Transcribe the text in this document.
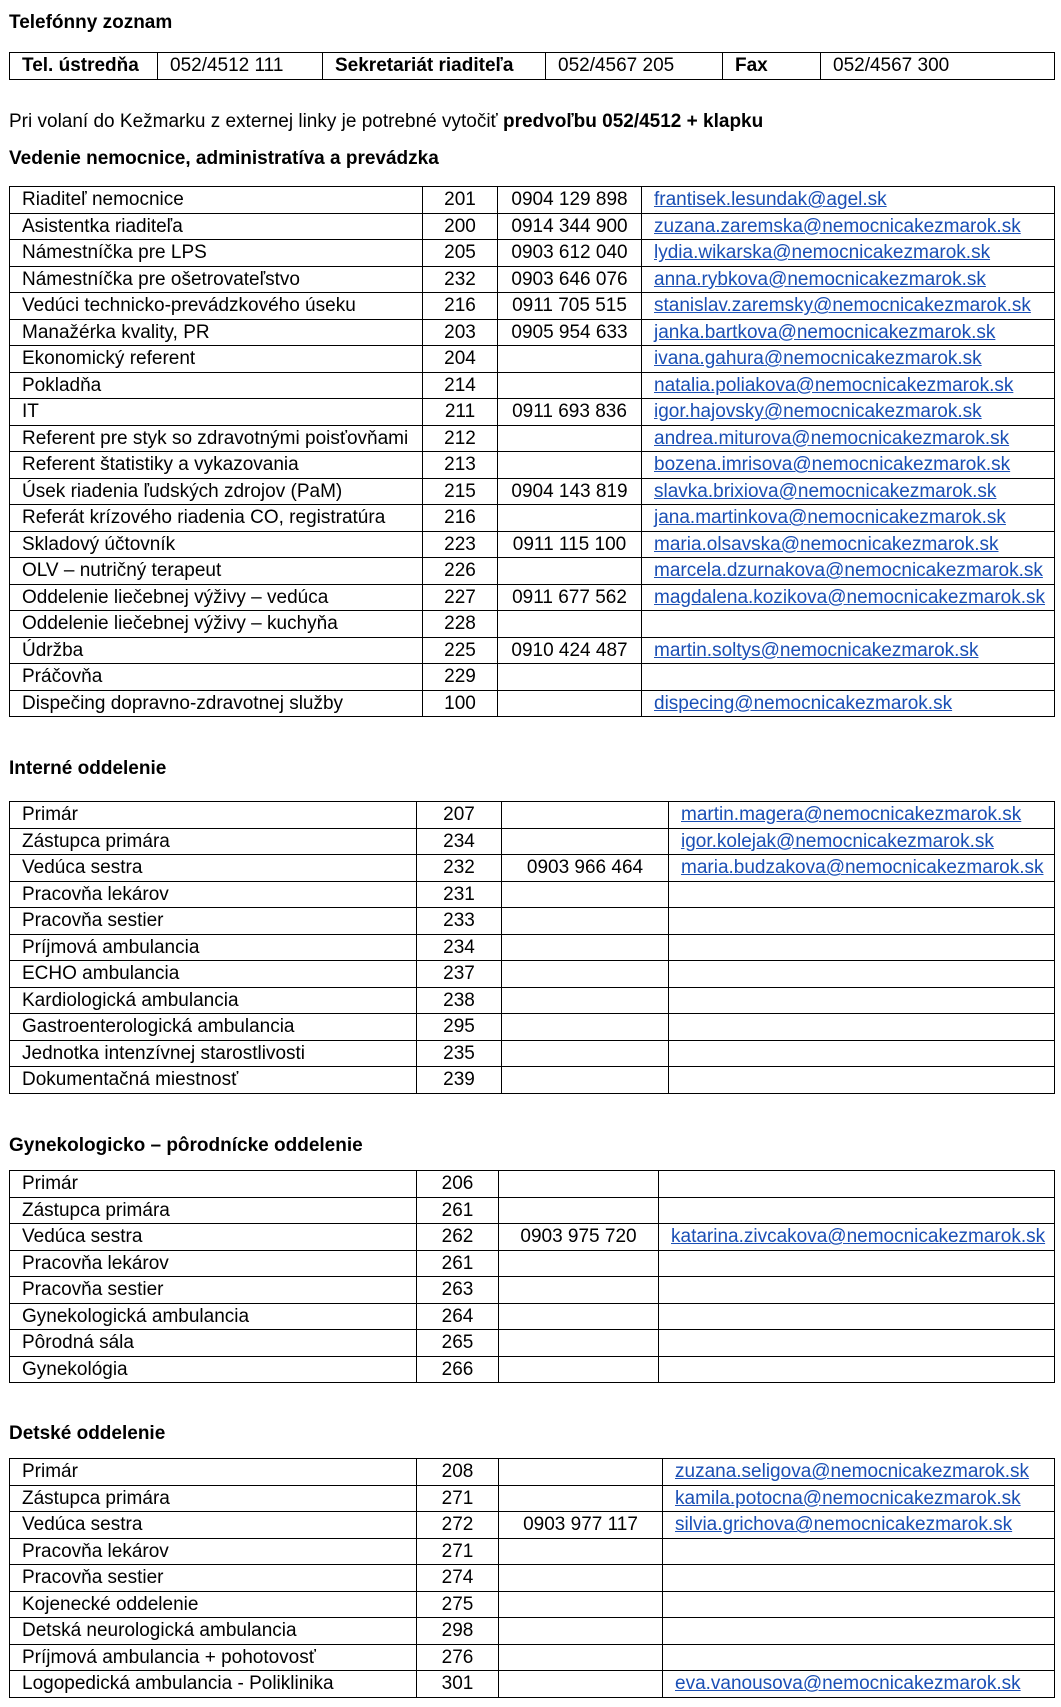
Telefónny zoznam
Tel. ústredňa	052/4512 111	Sekretariát riaditeľa	052/4567 205	Fax	052/4567 300
Pri volaní do Kežmarku z externej linky je potrebné vytočiť predvoľbu 052/4512 + klapku
Vedenie nemocnice, administratíva a prevádzka
Riaditeľ nemocnice	201	0904 129 898	frantisek.lesundak@agel.sk
Asistentka riaditeľa	200	0914 344 900	zuzana.zaremska@nemocnicakezmarok.sk
Námestníčka pre LPS	205	0903 612 040	lydia.wikarska@nemocnicakezmarok.sk
Námestníčka pre ošetrovateľstvo	232	0903 646 076	anna.rybkova@nemocnicakezmarok.sk
Vedúci technicko-prevádzkového úseku	216	0911 705 515	stanislav.zaremsky@nemocnicakezmarok.sk
Manažérka kvality, PR	203	0905 954 633	janka.bartkova@nemocnicakezmarok.sk
Ekonomický referent	204		ivana.gahura@nemocnicakezmarok.sk
Pokladňa	214		natalia.poliakova@nemocnicakezmarok.sk
IT	211	0911 693 836	igor.hajovsky@nemocnicakezmarok.sk
Referent pre styk so zdravotnými poisťovňami	212		andrea.miturova@nemocnicakezmarok.sk
Referent štatistiky a vykazovania	213		bozena.imrisova@nemocnicakezmarok.sk
Úsek riadenia ľudských zdrojov (PaM)	215	0904 143 819	slavka.brixiova@nemocnicakezmarok.sk
Referát krízového riadenia CO, registratúra	216		jana.martinkova@nemocnicakezmarok.sk
Skladový účtovník	223	0911 115 100	maria.olsavska@nemocnicakezmarok.sk
OLV – nutričný terapeut	226		marcela.dzurnakova@nemocnicakezmarok.sk
Oddelenie liečebnej výživy – vedúca	227	0911 677 562	magdalena.kozikova@nemocnicakezmarok.sk
Oddelenie liečebnej výživy – kuchyňa	228		
Údržba	225	0910 424 487	martin.soltys@nemocnicakezmarok.sk
Práčovňa	229		
Dispečing dopravno-zdravotnej služby	100		dispecing@nemocnicakezmarok.sk
Interné oddelenie
Primár	207		martin.magera@nemocnicakezmarok.sk
Zástupca primára	234		igor.kolejak@nemocnicakezmarok.sk
Vedúca sestra	232	0903 966 464	maria.budzakova@nemocnicakezmarok.sk
Pracovňa lekárov	231		
Pracovňa sestier	233		
Príjmová ambulancia	234		
ECHO ambulancia	237		
Kardiologická ambulancia	238		
Gastroenterologická ambulancia	295		
Jednotka intenzívnej starostlivosti	235		
Dokumentačná miestnosť	239		
Gynekologicko – pôrodnícke oddelenie
Primár	206		
Zástupca primára	261		
Vedúca sestra	262	0903 975 720	katarina.zivcakova@nemocnicakezmarok.sk
Pracovňa lekárov	261		
Pracovňa sestier	263		
Gynekologická ambulancia	264		
Pôrodná sála	265		
Gynekológia	266		
Detské oddelenie
Primár	208		zuzana.seligova@nemocnicakezmarok.sk
Zástupca primára	271		kamila.potocna@nemocnicakezmarok.sk
Vedúca sestra	272	0903 977 117	silvia.grichova@nemocnicakezmarok.sk
Pracovňa lekárov	271		
Pracovňa sestier	274		
Kojenecké oddelenie	275		
Detská neurologická ambulancia	298		
Príjmová ambulancia + pohotovosť	276		
Logopedická ambulancia - Poliklinika	301		eva.vanousova@nemocnicakezmarok.sk
